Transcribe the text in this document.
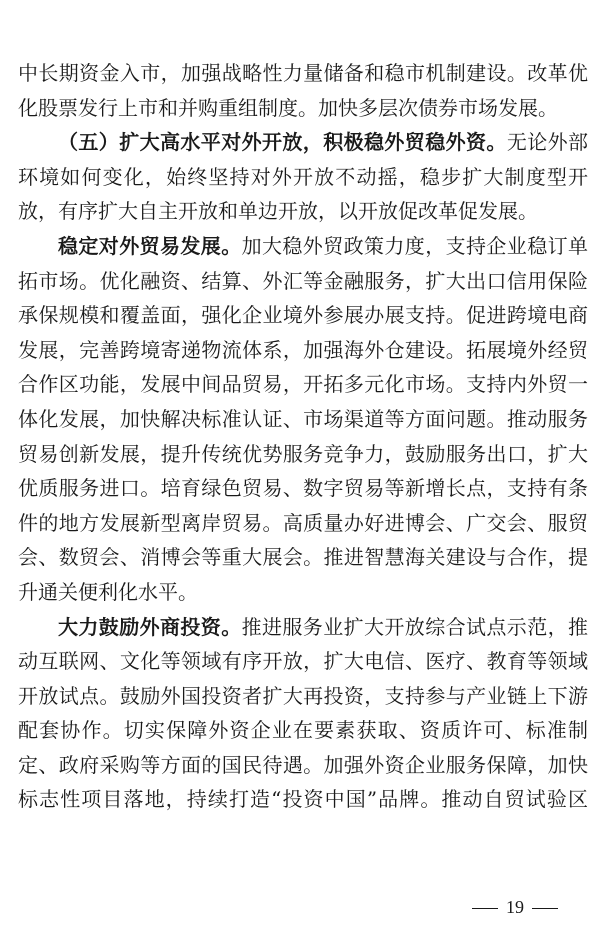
中长期资金入市，加强战略性力量储备和稳市机制建设。改革优
化股票发行上市和并购重组制度。加快多层次债券市场发展。
（五）扩大高水平对外开放，积极稳外贸稳外资。无论外部
环境如何变化，始终坚持对外开放不动摇，稳步扩大制度型开
放，有序扩大自主开放和单边开放，以开放促改革促发展。
稳定对外贸易发展。加大稳外贸政策力度，支持企业稳订单
拓市场。优化融资、结算、外汇等金融服务，扩大出口信用保险
承保规模和覆盖面，强化企业境外参展办展支持。促进跨境电商
发展，完善跨境寄递物流体系，加强海外仓建设。拓展境外经贸
合作区功能，发展中间品贸易，开拓多元化市场。支持内外贸一
体化发展，加快解决标准认证、市场渠道等方面问题。推动服务
贸易创新发展，提升传统优势服务竞争力，鼓励服务出口，扩大
优质服务进口。培育绿色贸易、数字贸易等新增长点，支持有条
件的地方发展新型离岸贸易。高质量办好进博会、广交会、服贸
会、数贸会、消博会等重大展会。推进智慧海关建设与合作，提
升通关便利化水平。
大力鼓励外商投资。推进服务业扩大开放综合试点示范，推
动互联网、文化等领域有序开放，扩大电信、医疗、教育等领域
开放试点。鼓励外国投资者扩大再投资，支持参与产业链上下游
配套协作。切实保障外资企业在要素获取、资质许可、标准制
定、政府采购等方面的国民待遇。加强外资企业服务保障，加快
标志性项目落地，持续打造“投资中国”品牌。推动自贸试验区
19
